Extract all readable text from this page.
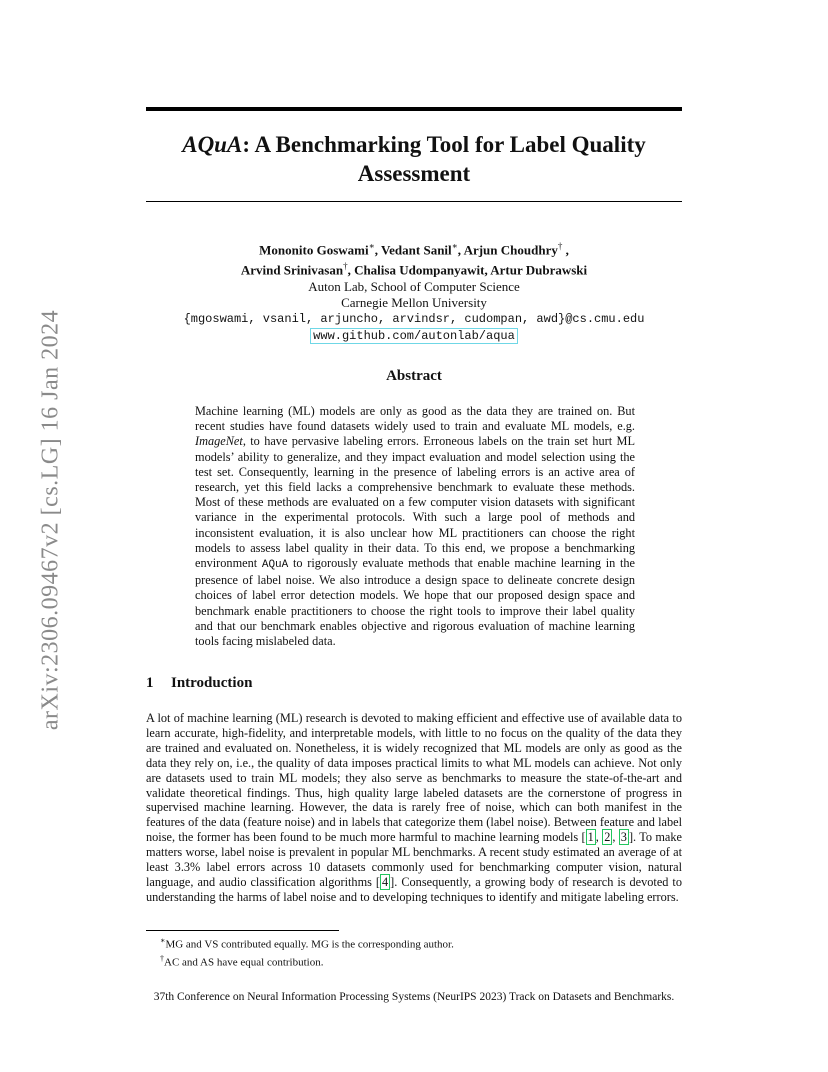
arXiv:2306.09467v2 [cs.LG] 16 Jan 2024
AQuA: A Benchmarking Tool for Label Quality
Assessment
Mononito Goswami∗, Vedant Sanil∗, Arjun Choudhry† ,
Arvind Srinivasan†, Chalisa Udompanyawit, Artur Dubrawski
Auton Lab, School of Computer Science
Carnegie Mellon University
{mgoswami, vsanil, arjuncho, arvindsr, cudompan, awd}@cs.cmu.edu
www.github.com/autonlab/aqua
Abstract
Machine learning (ML) models are only as good as the data they are trained on. But recent studies have found datasets widely used to train and evaluate ML models, e.g. ImageNet, to have pervasive labeling errors. Erroneous labels on the train set hurt ML models’ ability to generalize, and they impact evaluation and model selection using the test set. Consequently, learning in the presence of labeling errors is an active area of research, yet this field lacks a comprehensive benchmark to evaluate these methods. Most of these methods are evaluated on a few computer vision datasets with significant variance in the experimental protocols. With such a large pool of methods and inconsistent evaluation, it is also unclear how ML practitioners can choose the right models to assess label quality in their data. To this end, we propose a benchmarking environment AQuA to rigorously evaluate methods that enable machine learning in the presence of label noise. We also introduce a design space to delineate concrete design choices of label error detection models. We hope that our proposed design space and benchmark enable practitioners to choose the right tools to improve their label quality and that our benchmark enables objective and rigorous evaluation of machine learning tools facing mislabeled data.
1 Introduction
A lot of machine learning (ML) research is devoted to making efficient and effective use of available data to learn accurate, high-fidelity, and interpretable models, with little to no focus on the quality of the data they are trained and evaluated on. Nonetheless, it is widely recognized that ML models are only as good as the data they rely on, i.e., the quality of data imposes practical limits to what ML models can achieve. Not only are datasets used to train ML models; they also serve as benchmarks to measure the state-of-the-art and validate theoretical findings. Thus, high quality large labeled datasets are the cornerstone of progress in supervised machine learning. However, the data is rarely free of noise, which can both manifest in the features of the data (feature noise) and in labels that categorize them (label noise). Between feature and label noise, the former has been found to be much more harmful to machine learning models [ 1 , 2 , 3 ]. To make matters worse, label noise is prevalent in popular ML benchmarks. A recent study estimated an average of at least 3.3% label errors across 10 datasets commonly used for benchmarking computer vision, natural language, and audio classification algorithms [ 4 ]. Consequently, a growing body of research is devoted to understanding the harms of label noise and to developing techniques to identify and mitigate labeling errors.
∗MG and VS contributed equally. MG is the corresponding author.
†AC and AS have equal contribution.
37th Conference on Neural Information Processing Systems (NeurIPS 2023) Track on Datasets and Benchmarks.
